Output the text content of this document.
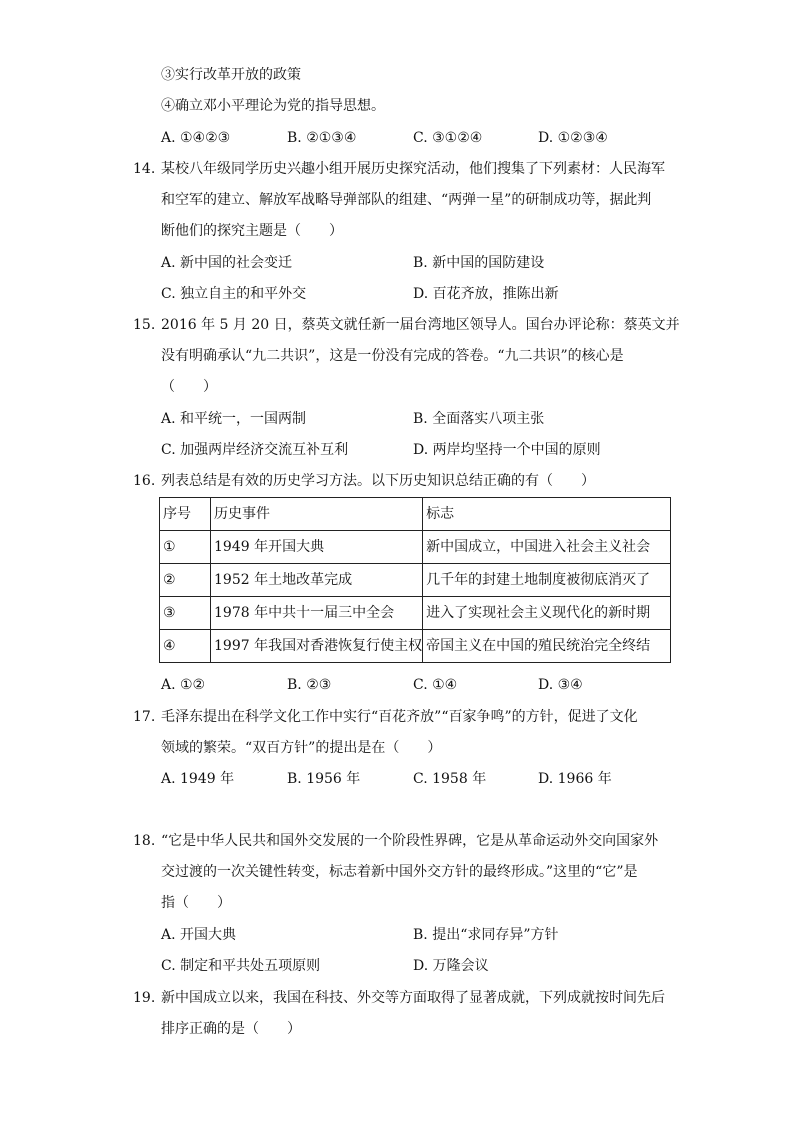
③实行改革开放的政策
④确立邓小平理论为党的指导思想。
A. ①④②③	B. ②①③④	C. ③①②④	D. ①②③④
14. 某校八年级同学历史兴趣小组开展历史探究活动，他们搜集了下列素材：人民海军
和空军的建立、解放军战略导弹部队的组建、“两弹一星”的研制成功等，据此判
断他们的探究主题是（　　）
A. 新中国的社会变迁	B. 新中国的国防建设
C. 独立自主的和平外交	D. 百花齐放，推陈出新
15. 2016 年 5 月 20 日，蔡英文就任新一届台湾地区领导人。国台办评论称：蔡英文并
没有明确承认“九二共识”，这是一份没有完成的答卷。“九二共识”的核心是
（　　）
A. 和平统一，一国两制	B. 全面落实八项主张
C. 加强两岸经济交流互补互利	D. 两岸均坚持一个中国的原则
16. 列表总结是有效的历史学习方法。以下历史知识总结正确的有（　　）
序号	历史事件	标志
①	1949 年开国大典	新中国成立，中国进入社会主义社会
②	1952 年土地改革完成	几千年的封建土地制度被彻底消灭了
③	1978 年中共十一届三中全会	进入了实现社会主义现代化的新时期
④	1997 年我国对香港恢复行使主权	帝国主义在中国的殖民统治完全终结
A. ①②	B. ②③	C. ①④	D. ③④
17. 毛泽东提出在科学文化工作中实行“百花齐放”“百家争鸣”的方针，促进了文化
领域的繁荣。“双百方针”的提出是在（　　）
A. 1949 年	B. 1956 年	C. 1958 年	D. 1966 年
18. “它是中华人民共和国外交发展的一个阶段性界碑，它是从革命运动外交向国家外
交过渡的一次关键性转变，标志着新中国外交方针的最终形成。”这里的“它”是
指（　　）
A. 开国大典	B. 提出“求同存异”方针
C. 制定和平共处五项原则	D. 万隆会议
19. 新中国成立以来，我国在科技、外交等方面取得了显著成就，下列成就按时间先后
排序正确的是（　　）
